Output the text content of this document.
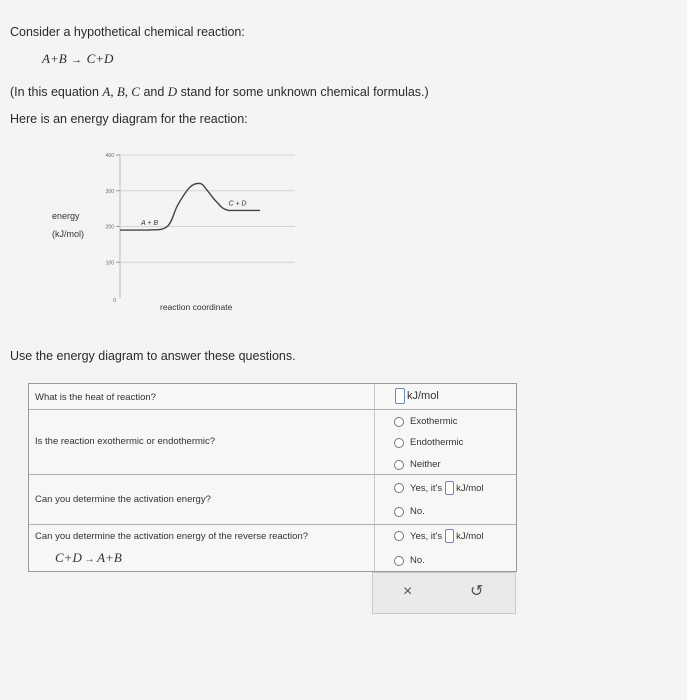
Consider a hypothetical chemical reaction:
A+B → C+D
(In this equation A, B, C and D stand for some unknown chemical formulas.)
Here is an energy diagram for the reaction:
400
300
200
100
0
energy
(kJ/mol)
reaction coordinate
A + B
C + D
Use the energy diagram to answer these questions.
What is the heat of reaction?
Is the reaction exothermic or endothermic?
Can you determine the activation energy?
Can you determine the activation energy of the reverse reaction?
C+D → A+B
kJ/mol
Exothermic
Endothermic
Neither
Yes, it's kJ/mol
No.
Yes, it's kJ/mol
No.
×	↺
